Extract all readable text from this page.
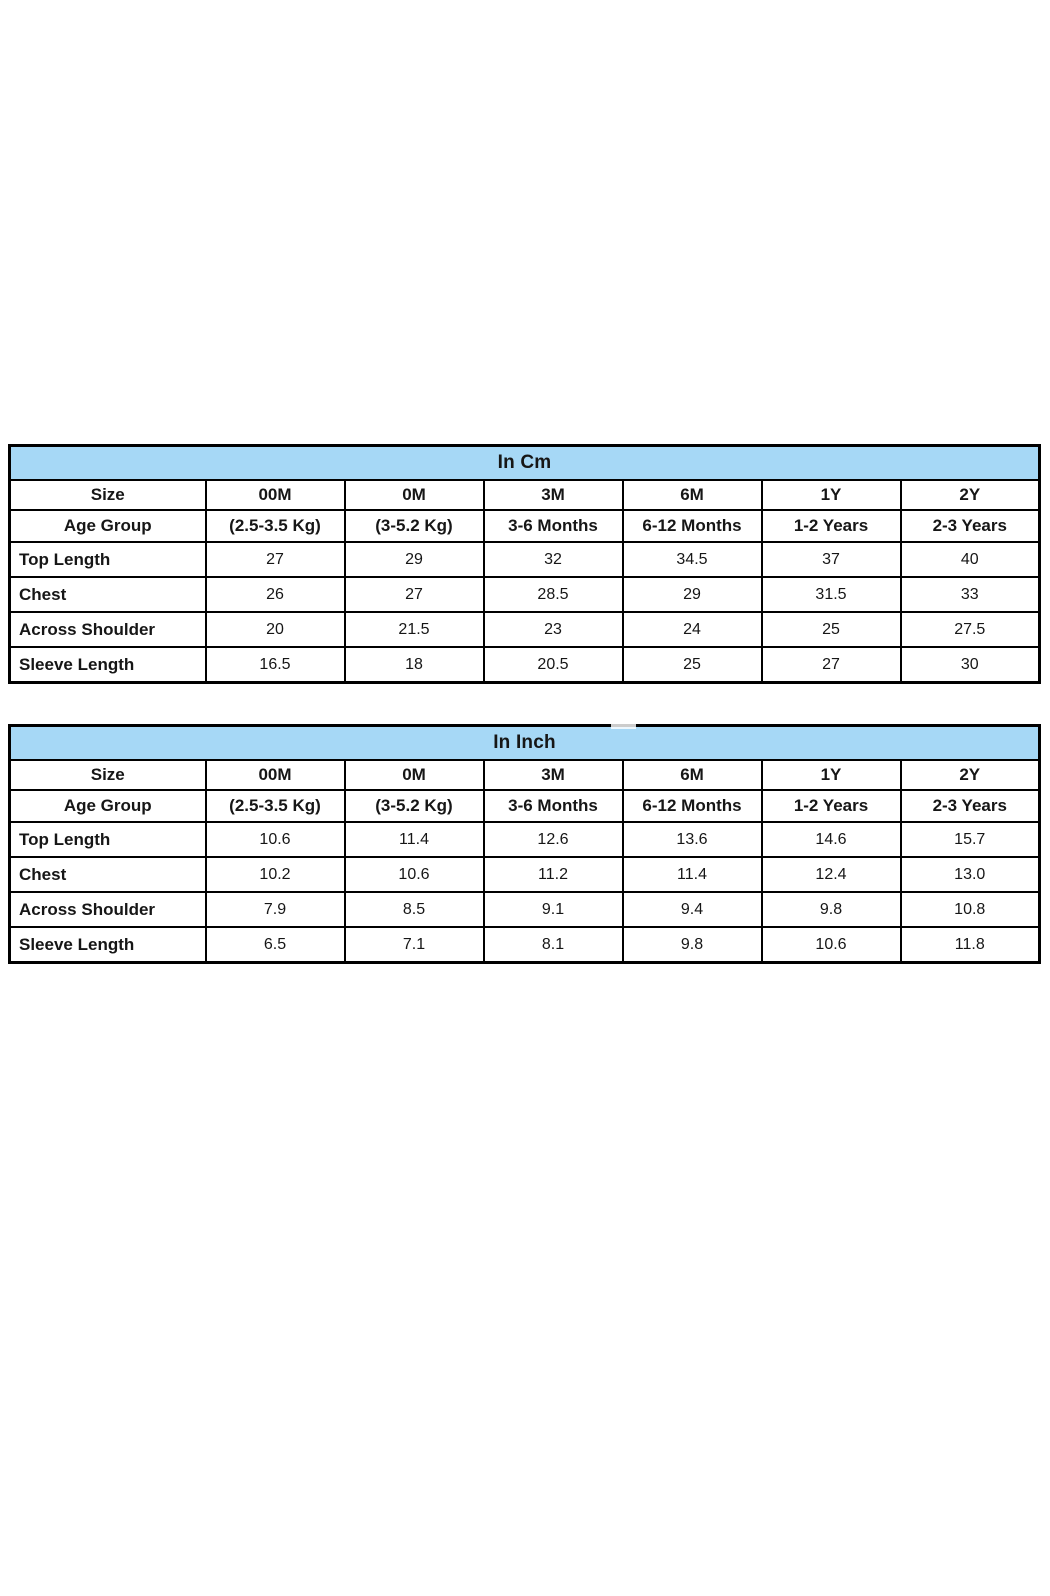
In Cm						
Size	00M	0M	3M	6M	1Y	2Y
Age Group	(2.5-3.5 Kg)	(3-5.2 Kg)	3-6 Months	6-12 Months	1-2 Years	2-3 Years
Top Length	27	29	32	34.5	37	40
Chest	26	27	28.5	29	31.5	33
Across Shoulder	20	21.5	23	24	25	27.5
Sleeve Length	16.5	18	20.5	25	27	30
In Inch						
Size	00M	0M	3M	6M	1Y	2Y
Age Group	(2.5-3.5 Kg)	(3-5.2 Kg)	3-6 Months	6-12 Months	1-2 Years	2-3 Years
Top Length	10.6	11.4	12.6	13.6	14.6	15.7
Chest	10.2	10.6	11.2	11.4	12.4	13.0
Across Shoulder	7.9	8.5	9.1	9.4	9.8	10.8
Sleeve Length	6.5	7.1	8.1	9.8	10.6	11.8
